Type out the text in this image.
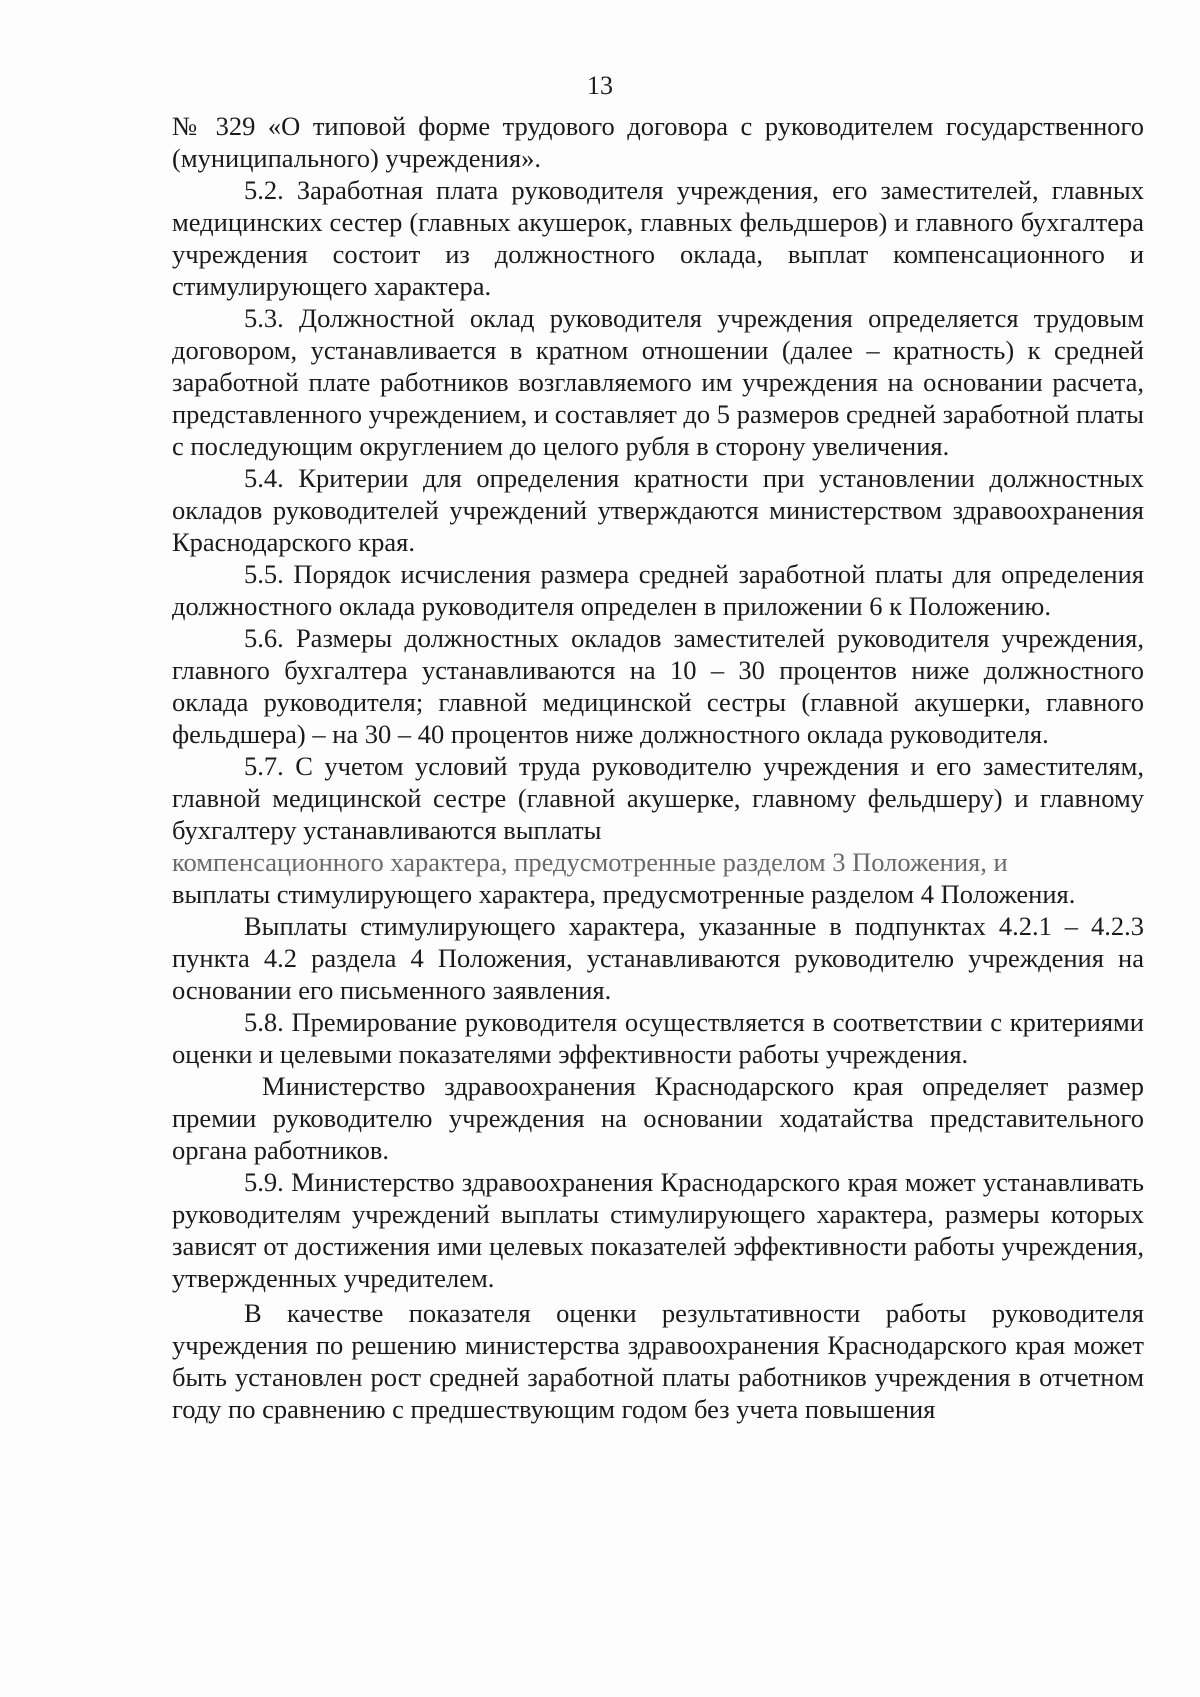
13

№ 329 «О типовой форме трудового договора с руководителем государственного (муниципального) учреждения».

5.2. Заработная плата руководителя учреждения, его заместителей, главных медицинских сестер (главных акушерок, главных фельдшеров) и главного бухгалтера учреждения состоит из должностного оклада, выплат компенсационного и стимулирующего характера.

5.3. Должностной оклад руководителя учреждения определяется трудовым договором, устанавливается в кратном отношении (далее – кратность) к средней заработной плате работников возглавляемого им учреждения на основании расчета, представленного учреждением, и составляет до 5 размеров средней заработной платы с последующим округлением до целого рубля в сторону увеличения.

5.4. Критерии для определения кратности при установлении должностных окладов руководителей учреждений утверждаются министерством здравоохранения Краснодарского края.

5.5. Порядок исчисления размера средней заработной платы для определения должностного оклада руководителя определен в приложении 6 к Положению.

5.6. Размеры должностных окладов заместителей руководителя учреждения, главного бухгалтера устанавливаются на 10 – 30 процентов ниже должностного оклада руководителя; главной медицинской сестры (главной акушерки, главного фельдшера) – на 30 – 40 процентов ниже должностного оклада руководителя.

5.7. С учетом условий труда руководителю учреждения и его заместителям, главной медицинской сестре (главной акушерке, главному фельдшеру) и главному бухгалтеру устанавливаются выплаты

компенсационного характера, предусмотренные разделом 3 Положения, и

выплаты стимулирующего характера, предусмотренные разделом 4 Положения.

Выплаты стимулирующего характера, указанные в подпунктах 4.2.1 – 4.2.3 пункта 4.2 раздела 4 Положения, устанавливаются руководителю учреждения на основании его письменного заявления.

5.8. Премирование руководителя осуществляется в соответствии с критериями оценки и целевыми показателями эффективности работы учреждения.

Министерство здравоохранения Краснодарского края определяет размер премии руководителю учреждения на основании ходатайства представительного органа работников.

5.9. Министерство здравоохранения Краснодарского края может устанавливать руководителям учреждений выплаты стимулирующего характера, размеры которых зависят от достижения ими целевых показателей эффективности работы учреждения, утвержденных учредителем.

В качестве показателя оценки результативности работы руководителя учреждения по решению министерства здравоохранения Краснодарского края может быть установлен рост средней заработной платы работников учреждения в отчетном году по сравнению с предшествующим годом без учета повышения
